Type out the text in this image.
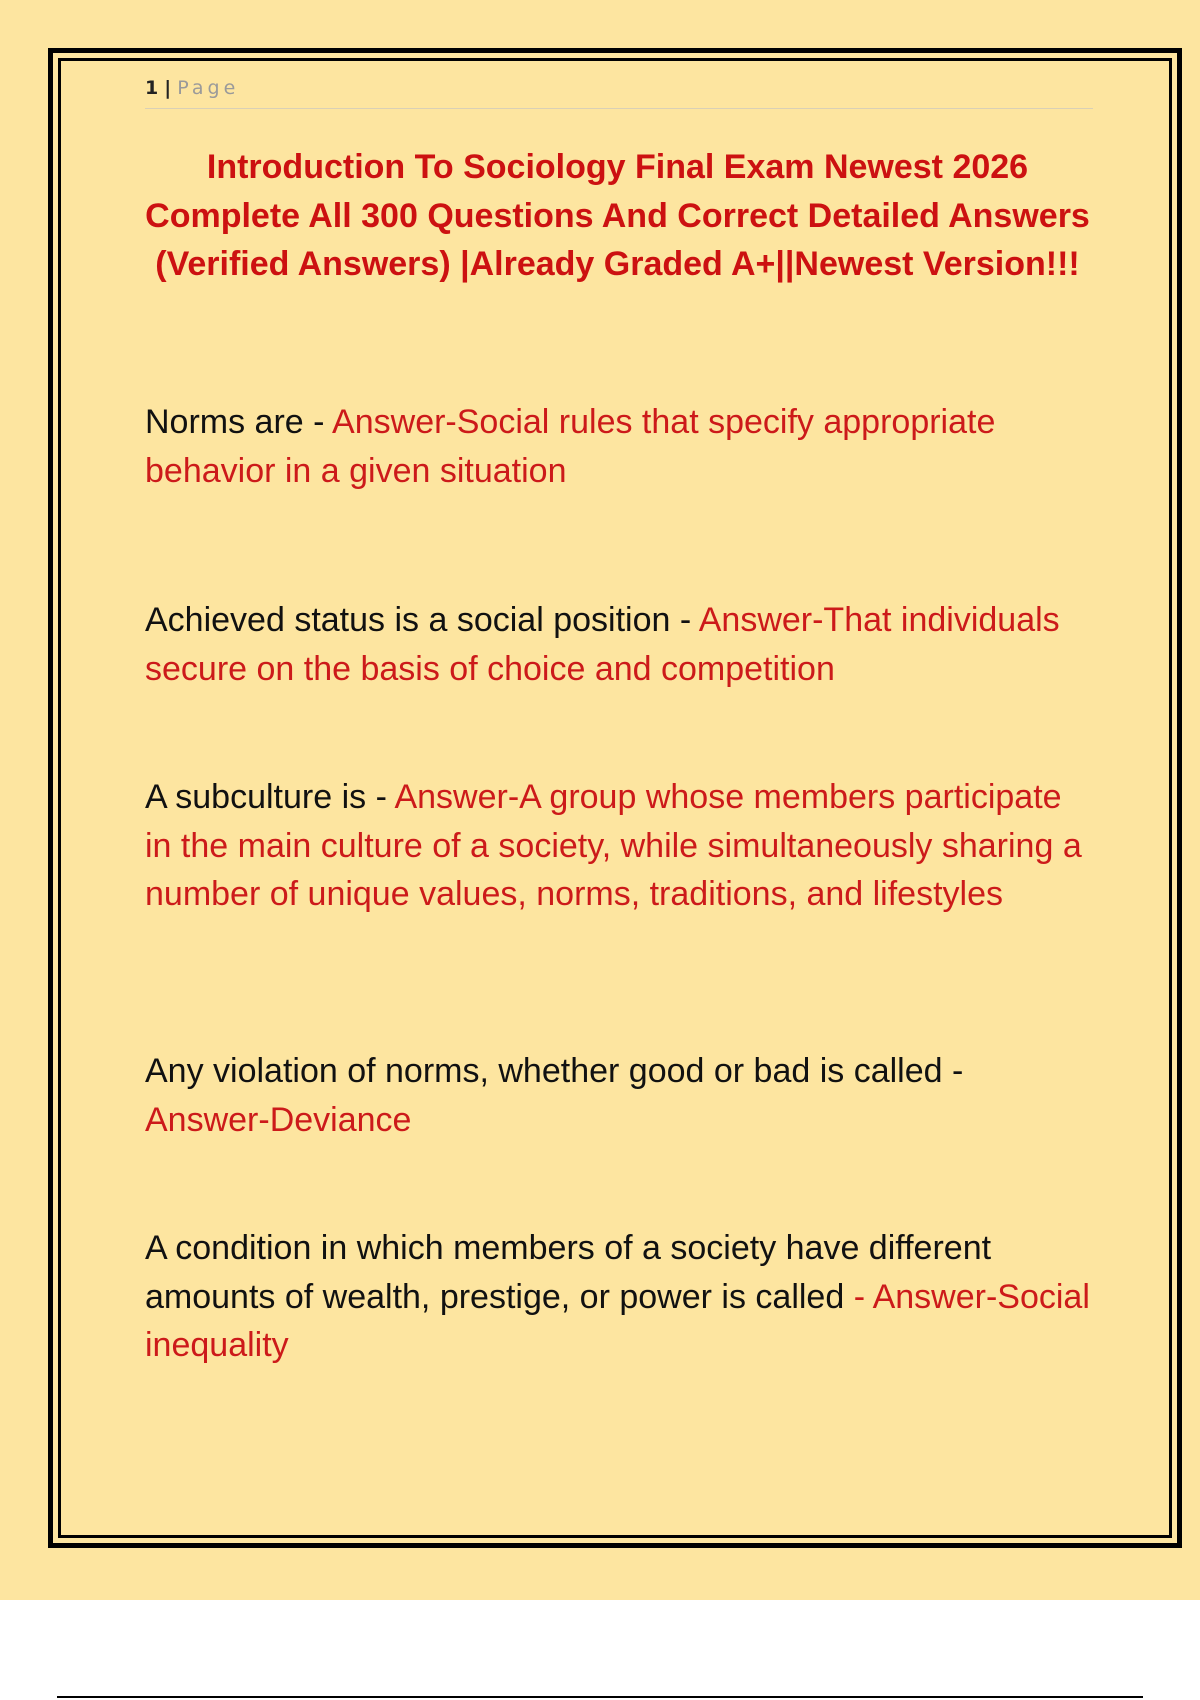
1 | Page

Introduction To Sociology Final Exam Newest 2026 Complete All 300 Questions And Correct Detailed Answers (Verified Answers) |Already Graded A+||Newest Version!!!

Norms are - Answer-Social rules that specify appropriate behavior in a given situation

Achieved status is a social position - Answer-That individuals secure on the basis of choice and competition

A subculture is - Answer-A group whose members participate in the main culture of a society, while simultaneously sharing a number of unique values, norms, traditions, and lifestyles

Any violation of norms, whether good or bad is called - Answer-Deviance

A condition in which members of a society have different amounts of wealth, prestige, or power is called - Answer-Social inequality
